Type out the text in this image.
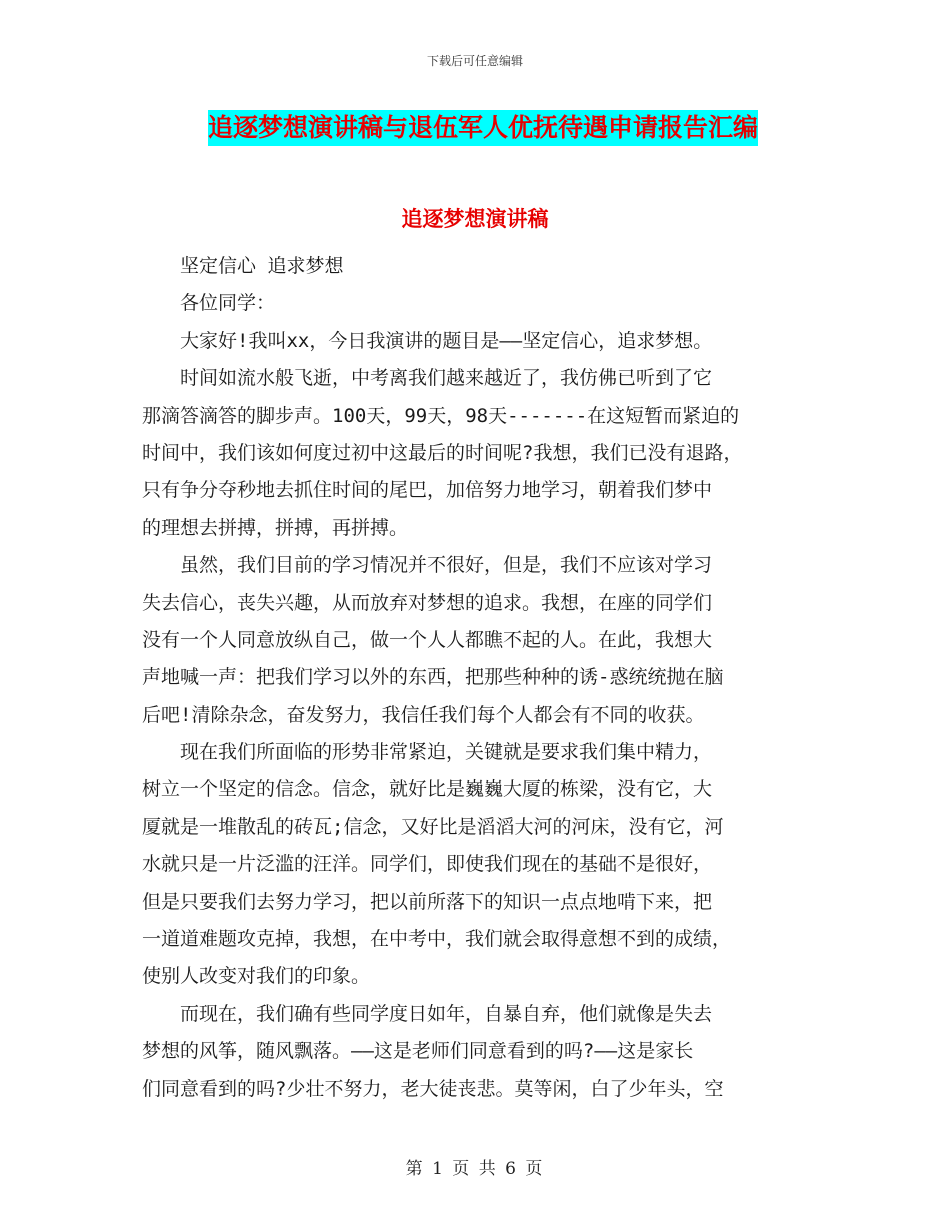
下载后可任意编辑
追逐梦想演讲稿与退伍军人优抚待遇申请报告汇编
追逐梦想演讲稿
　　坚定信心 追求梦想
　　各位同学：
　　大家好!我叫xx，今日我演讲的题目是——坚定信心，追求梦想。
　　时间如流水般飞逝，中考离我们越来越近了，我仿佛已听到了它
那滴答滴答的脚步声。100天，99天，98天-------在这短暂而紧迫的
时间中，我们该如何度过初中这最后的时间呢?我想，我们已没有退路，
只有争分夺秒地去抓住时间的尾巴，加倍努力地学习，朝着我们梦中
的理想去拼搏，拼搏，再拼搏。
　　虽然，我们目前的学习情况并不很好，但是，我们不应该对学习
失去信心，丧失兴趣，从而放弃对梦想的追求。我想，在座的同学们
没有一个人同意放纵自己，做一个人人都瞧不起的人。在此，我想大
声地喊一声：把我们学习以外的东西，把那些种种的诱-惑统统抛在脑
后吧!清除杂念，奋发努力，我信任我们每个人都会有不同的收获。
　　现在我们所面临的形势非常紧迫，关键就是要求我们集中精力，
树立一个坚定的信念。信念，就好比是巍巍大厦的栋梁，没有它，大
厦就是一堆散乱的砖瓦;信念，又好比是滔滔大河的河床，没有它，河
水就只是一片泛滥的汪洋。同学们，即使我们现在的基础不是很好，
但是只要我们去努力学习，把以前所落下的知识一点点地啃下来，把
一道道难题攻克掉，我想，在中考中，我们就会取得意想不到的成绩，
使别人改变对我们的印象。
　　而现在，我们确有些同学度日如年，自暴自弃，他们就像是失去
梦想的风筝，随风飘落。——这是老师们同意看到的吗?——这是家长
们同意看到的吗?少壮不努力，老大徒丧悲。莫等闲，白了少年头，空
第 1 页 共 6 页
